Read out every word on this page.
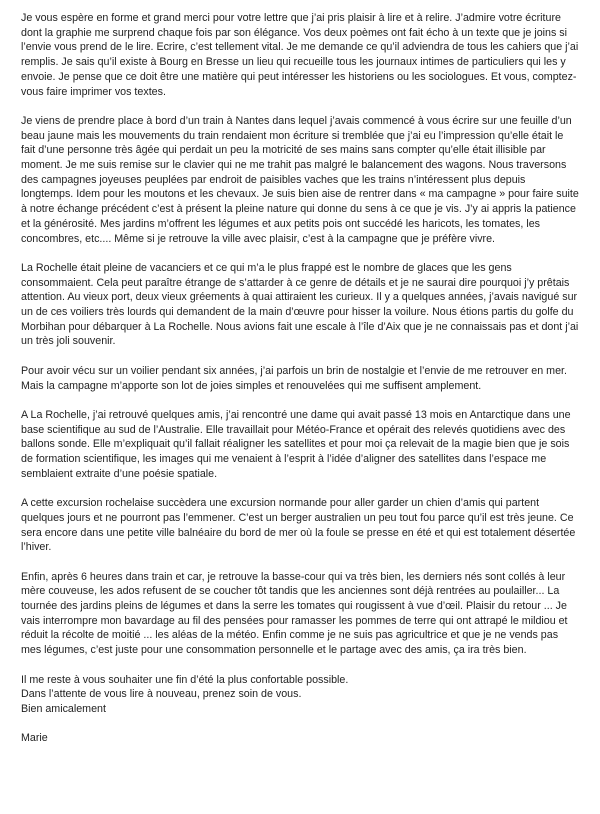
Je vous espère en forme et grand merci pour votre lettre que j’ai pris plaisir à lire et à relire. J’admire votre écriture dont la graphie me surprend chaque fois par son élégance. Vos deux poèmes ont fait écho à un texte que je joins si l’envie vous prend de le lire. Ecrire, c’est tellement vital. Je me demande ce qu’il adviendra de tous les cahiers que j’ai remplis. Je sais qu’il existe à Bourg en Bresse un lieu qui recueille tous les journaux intimes de particuliers qui les y envoie. Je pense que ce doit être une matière qui peut intéresser les historiens ou les sociologues. Et vous, comptez-vous faire imprimer vos textes.

Je viens de prendre place à bord d’un train à Nantes dans lequel j’avais commencé à vous écrire sur une feuille d’un beau jaune mais les mouvements du train rendaient mon écriture si tremblée que j’ai eu l’impression qu’elle était le fait d’une personne très âgée qui perdait un peu la motricité de ses mains sans compter qu’elle était illisible par moment. Je me suis remise sur le clavier qui ne me trahit pas malgré le balancement des wagons. Nous traversons des campagnes joyeuses peuplées par endroit de paisibles vaches que les trains n’intéressent plus depuis longtemps. Idem pour les moutons et les chevaux. Je suis bien aise de rentrer dans « ma campagne » pour faire suite à notre échange précédent c’est à présent la pleine nature qui donne du sens à ce que je vis. J’y ai appris la patience et la générosité. Mes jardins m’offrent les légumes et aux petits pois ont succédé les haricots, les tomates, les concombres, etc.... Même si je retrouve la ville avec plaisir, c’est à la campagne que je préfère vivre.

La Rochelle était pleine de vacanciers et ce qui m’a le plus frappé est le nombre de glaces que les gens consommaient. Cela peut paraître étrange de s’attarder à ce genre de détails et je ne saurai dire pourquoi j’y prêtais attention. Au vieux port, deux vieux gréements à quai attiraient les curieux. Il y a quelques années, j’avais navigué sur un de ces voiliers très lourds qui demandent de la main d’œuvre pour hisser la voilure. Nous étions partis du golfe du Morbihan pour débarquer à La Rochelle. Nous avions fait une escale à l’île d’Aix que je ne connaissais pas et dont j’ai un très joli souvenir.

Pour avoir vécu sur un voilier pendant six années, j’ai parfois un brin de nostalgie et l’envie de me retrouver en mer. Mais la campagne m’apporte son lot de joies simples et renouvelées qui me suffisent amplement.

A La Rochelle, j’ai retrouvé quelques amis, j’ai rencontré une dame qui avait passé 13 mois en Antarctique dans une base scientifique au sud de l’Australie. Elle travaillait pour Météo-France et opérait des relevés quotidiens avec des ballons sonde. Elle m’expliquait qu’il fallait réaligner les satellites et pour moi ça relevait de la magie bien que je sois de formation scientifique, les images qui me venaient à l’esprit à l’idée d’aligner des satellites dans l’espace me semblaient extraite d’une poésie spatiale.

A cette excursion rochelaise succèdera une excursion normande pour aller garder un chien d’amis qui partent quelques jours et ne pourront pas l’emmener. C’est un berger australien un peu tout fou parce qu’il est très jeune. Ce sera encore dans une petite ville balnéaire du bord de mer où la foule se presse en été et qui est totalement désertée l’hiver.

Enfin, après 6 heures dans train et car, je retrouve la basse-cour qui va très bien, les derniers nés sont collés à leur mère couveuse, les ados refusent de se coucher tôt tandis que les anciennes sont déjà rentrées au poulailler... La tournée des jardins pleins de légumes et dans la serre les tomates qui rougissent à vue d’œil. Plaisir du retour ... Je vais interrompre mon bavardage au fil des pensées pour ramasser les pommes de terre qui ont attrapé le mildiou et réduit la récolte de moitié ... les aléas de la météo. Enfin comme je ne suis pas agricultrice et que je ne vends pas mes légumes, c’est juste pour une consommation personnelle et le partage avec des amis, ça ira très bien.

Il me reste à vous souhaiter une fin d’été la plus confortable possible.
Dans l’attente de vous lire à nouveau, prenez soin de vous.
Bien amicalement
Marie
